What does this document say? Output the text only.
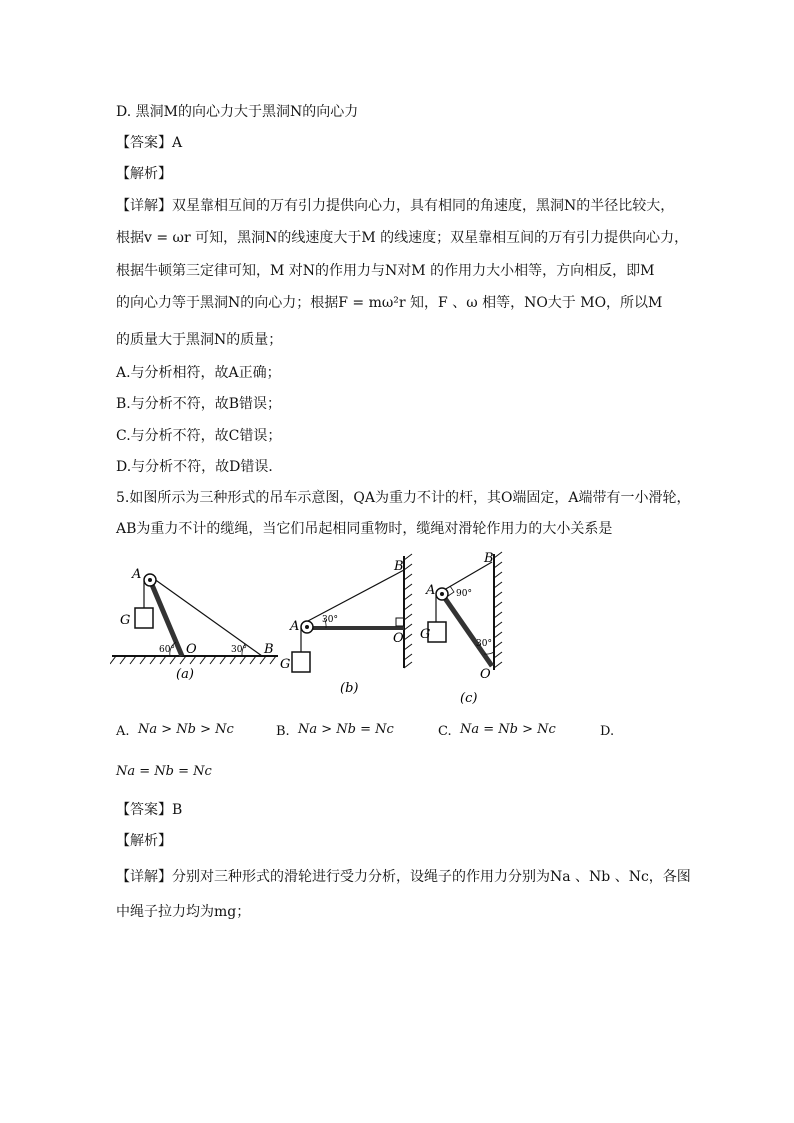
D. 黑洞M的向心力大于黑洞N的向心力
【答案】A
【解析】
【详解】双星靠相互间的万有引力提供向心力，具有相同的角速度，黑洞N的半径比较大，
根据v = ωr 可知，黑洞N的线速度大于M 的线速度；双星靠相互间的万有引力提供向心力，
根据牛顿第三定律可知，M 对N的作用力与N对M 的作用力大小相等，方向相反，即M
的向心力等于黑洞N的向心力；根据F = mω²r 知，F 、ω 相等，NO大于 MO，所以M
的质量大于黑洞N的质量；
A.与分析相符，故A正确；
B.与分析不符，故B错误；
C.与分析不符，故C错误；
D.与分析不符，故D错误．
5.如图所示为三种形式的吊车示意图，QA为重力不计的杆，其O端固定，A端带有一小滑轮，
AB为重力不计的缆绳，当它们吊起相同重物时，缆绳对滑轮作用力的大小关系是
A
G
60° O	30° B
(a)
A	30°
B
O
G
(b)
A
B
90°
30°
G
O
(c)
A. Na > Nb > Nc	B. Na > Nb = Nc	C. Na = Nb > Nc	D.
Na = Nb = Nc
【答案】B
【解析】
【详解】分别对三种形式的滑轮进行受力分析，设绳子的作用力分别为Na 、Nb 、Nc，各图
中绳子拉力均为mg；
